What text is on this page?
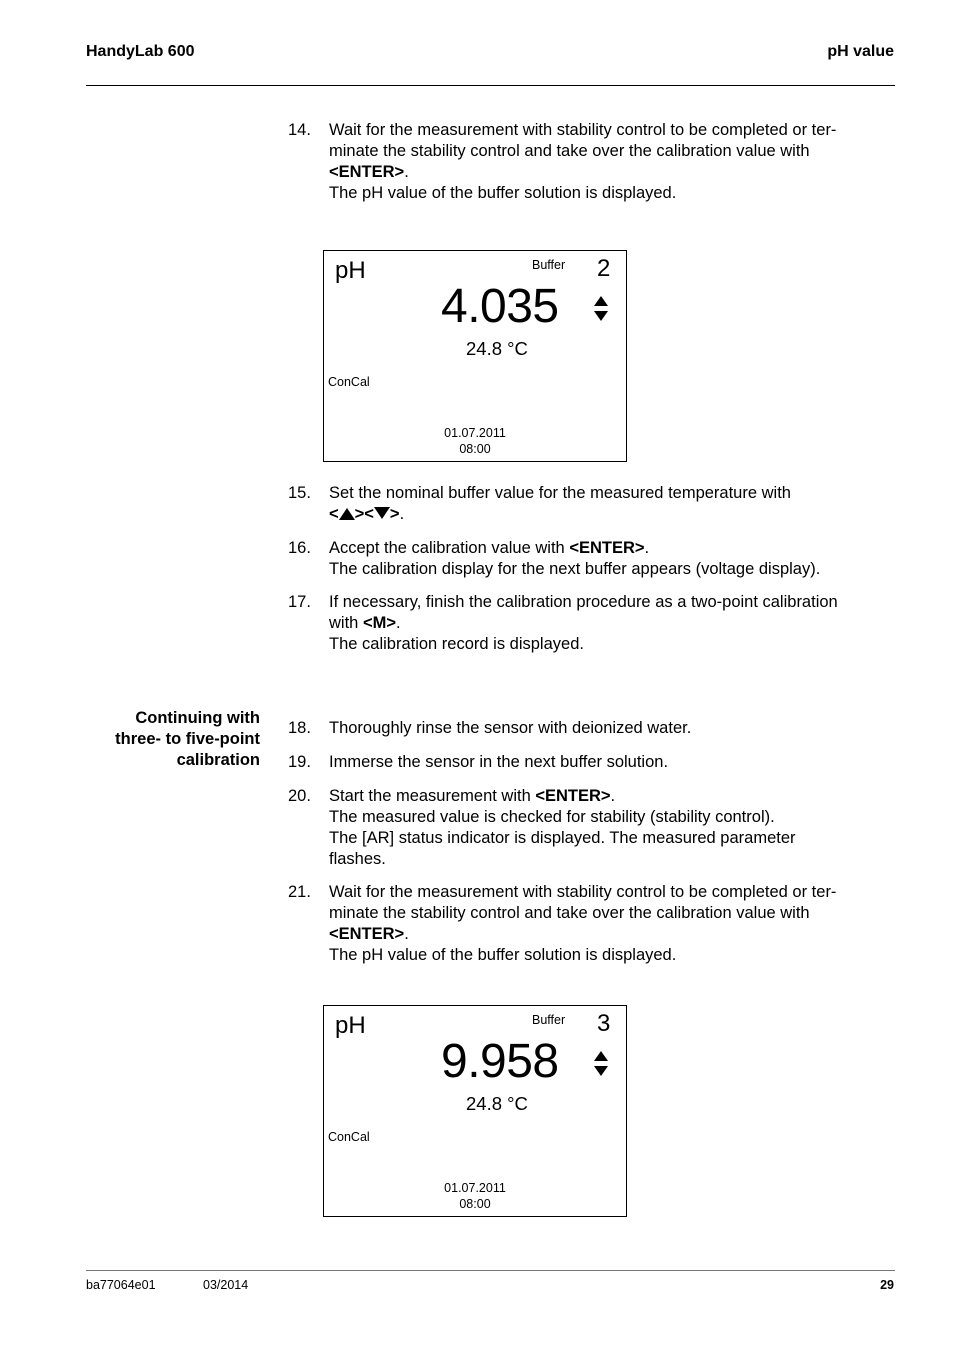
HandyLab 600	pH value
14. Wait for the measurement with stability control to be completed or ter-
minate the stability control and take over the calibration value with
<ENTER>.
The pH value of the buffer solution is displayed.
pH	Buffer 2
4.035
24.8 °C
ConCal
01.07.2011
08:00
15. Set the nominal buffer value for the measured temperature with
< >< >.
16. Accept the calibration value with <ENTER>.
The calibration display for the next buffer appears (voltage display).
17. If necessary, finish the calibration procedure as a two-point calibration
with <M>.
The calibration record is displayed.
Continuing with
three- to five-point
calibration
18. Thoroughly rinse the sensor with deionized water.
19. Immerse the sensor in the next buffer solution.
20. Start the measurement with <ENTER>.
The measured value is checked for stability (stability control).
The [AR] status indicator is displayed. The measured parameter
flashes.
21. Wait for the measurement with stability control to be completed or ter-
minate the stability control and take over the calibration value with
<ENTER>.
The pH value of the buffer solution is displayed.
pH	Buffer 3
9.958
24.8 °C
ConCal
01.07.2011
08:00
ba77064e01	03/2014	29
